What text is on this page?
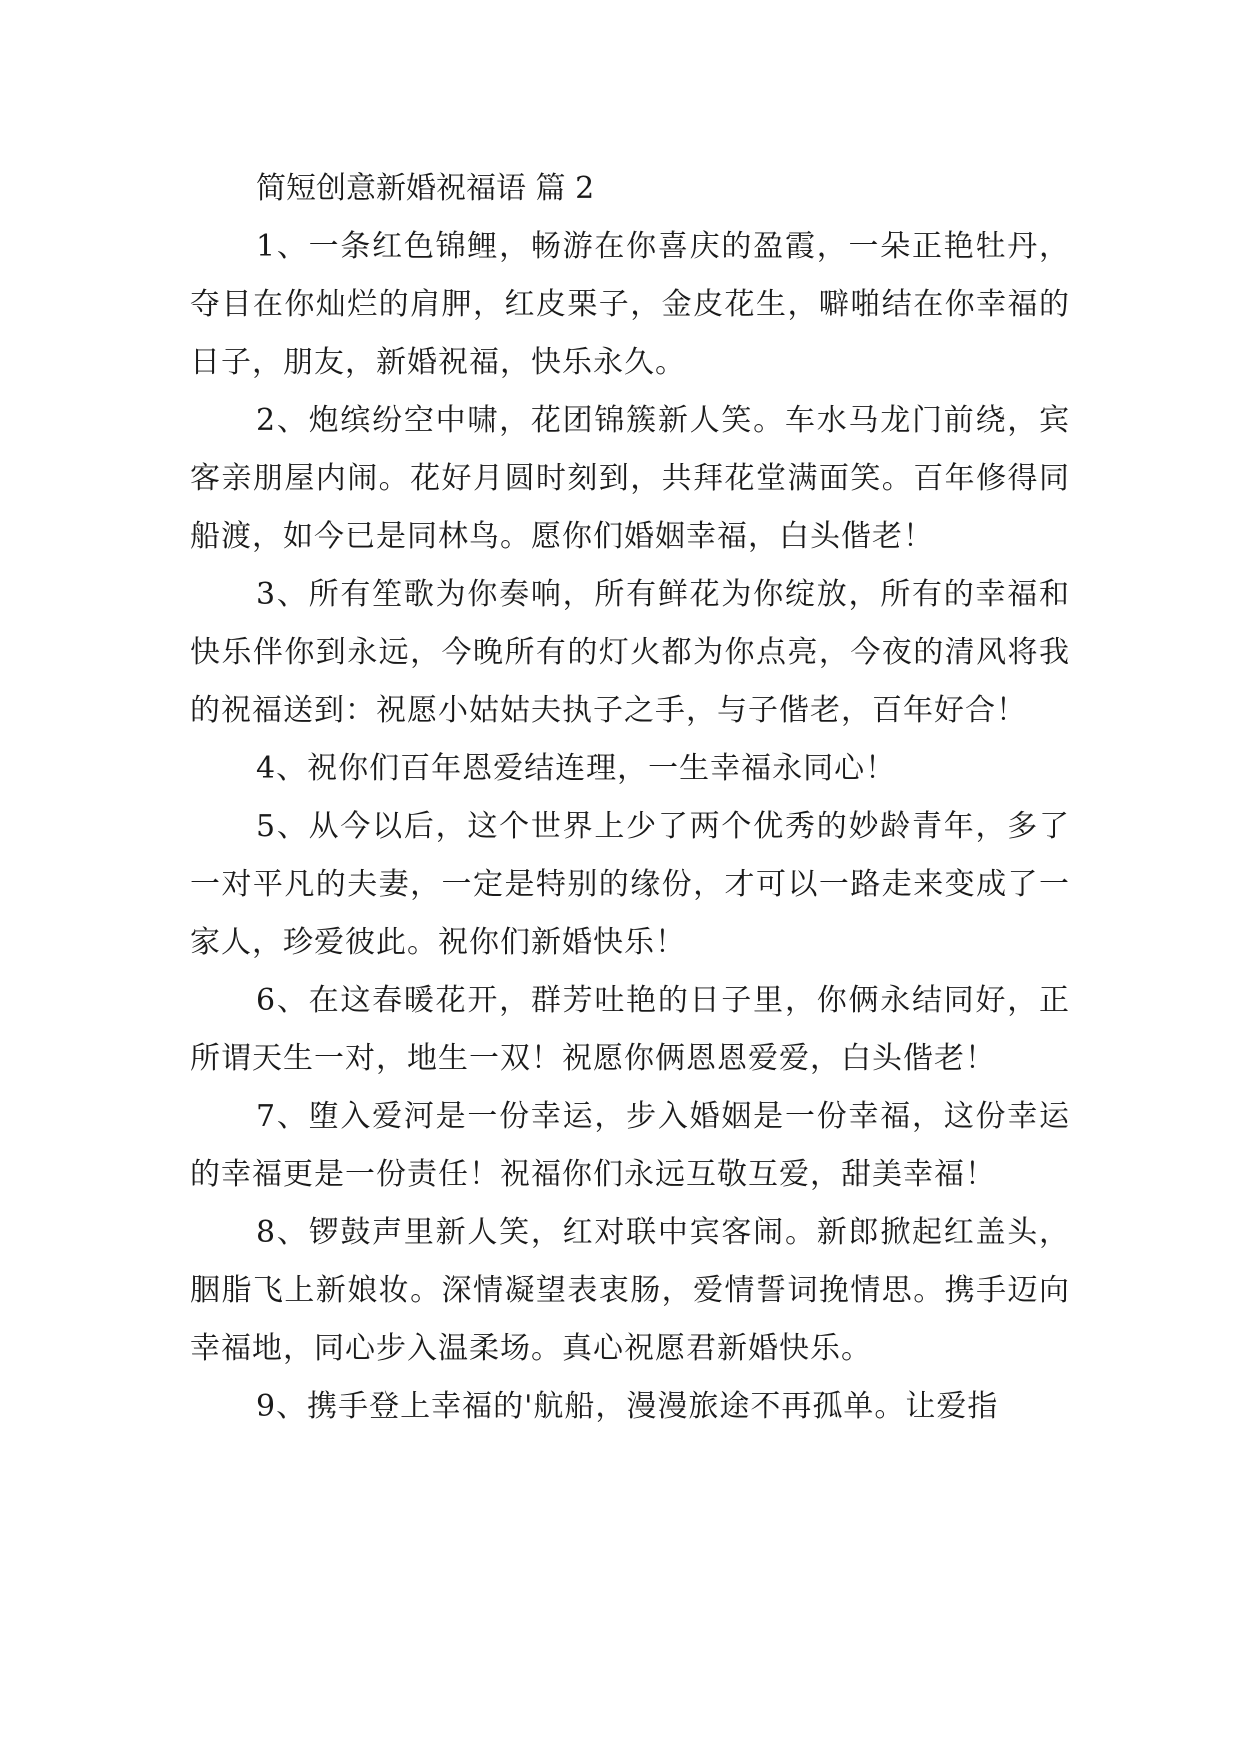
简短创意新婚祝福语 篇 2

1、一条红色锦鲤，畅游在你喜庆的盈霞，一朵正艳牡丹，夺目在你灿烂的肩胛，红皮栗子，金皮花生，噼啪结在你幸福的日子，朋友，新婚祝福，快乐永久。

2、炮缤纷空中啸，花团锦簇新人笑。车水马龙门前绕，宾客亲朋屋内闹。花好月圆时刻到，共拜花堂满面笑。百年修得同船渡，如今已是同林鸟。愿你们婚姻幸福，白头偕老！

3、所有笙歌为你奏响，所有鲜花为你绽放，所有的幸福和快乐伴你到永远，今晚所有的灯火都为你点亮，今夜的清风将我的祝福送到：祝愿小姑姑夫执子之手，与子偕老，百年好合！

4、祝你们百年恩爱结连理，一生幸福永同心！

5、从今以后，这个世界上少了两个优秀的妙龄青年，多了一对平凡的夫妻，一定是特别的缘份，才可以一路走来变成了一家人，珍爱彼此。祝你们新婚快乐！

6、在这春暖花开，群芳吐艳的日子里，你俩永结同好，正所谓天生一对，地生一双！祝愿你俩恩恩爱爱，白头偕老！

7、堕入爱河是一份幸运，步入婚姻是一份幸福，这份幸运的幸福更是一份责任！祝福你们永远互敬互爱，甜美幸福！

8、锣鼓声里新人笑，红对联中宾客闹。新郎掀起红盖头，胭脂飞上新娘妆。深情凝望表衷肠，爱情誓词挽情思。携手迈向幸福地，同心步入温柔场。真心祝愿君新婚快乐。

9、携手登上幸福的'航船，漫漫旅途不再孤单。让爱指
